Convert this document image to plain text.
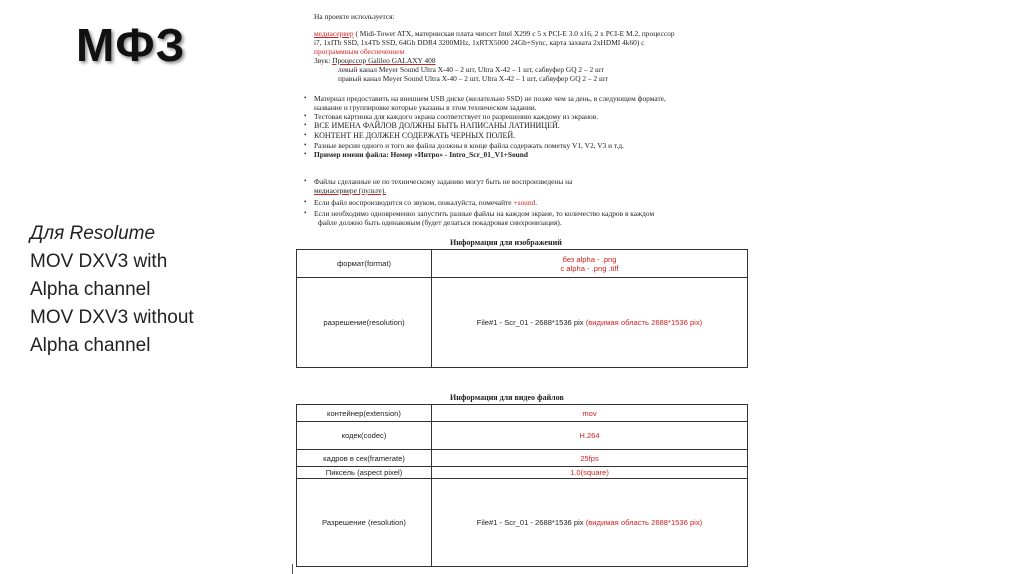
МФЗ
Для Resolume
MOV DXV3 with
Alpha channel
MOV DXV3 without
Alpha channel
На проекте используется:
медиасервер ( Midi-Tower ATX, материнская плата чипсет Intel X299 с 5 x PCI-E 3.0 x16, 2 x PCI-E M.2, процессор
i7, 1xITb SSD, 1x4Tb SSD, 64Gb DDR4 3200MHz, 1xRTX5000 24Gb+Sync, карта захвата 2xHDMI 4k60) с
программным обеспечением
Звук: Процессор Galileo GALAXY 408
левый канал Meyer Sound Ultra X-40 – 2 шт, Ultra X-42 – 1 шт, сабвуфер GQ 2 – 2 шт
правый канал Meyer Sound Ultra X-40 – 2 шт, Ultra X-42 – 1 шт, сабвуфер GQ 2 – 2 шт
• Материал предоставить на внешнем USB диске (желательно SSD) не позже чем за день, в следующем формате,
название и группировке которые указаны в этом техническом задании.
• Тестовая картинка для каждого экрана соответствует по разрешению каждому из экранов.
• ВСЕ ИМЕНА ФАЙЛОВ ДОЛЖНЫ БЫТЬ НАПИСАНЫ ЛАТИНИЦЕЙ.
• КОНТЕНТ НЕ ДОЛЖЕН СОДЕРЖАТЬ ЧЕРНЫХ ПОЛЕЙ.
• Разные версии одного и того же файла должны в конце файла содержать пометку V1, V2, V3 и т.д.
• Пример имени файла: Номер «Интро» - Intro_Scr_01_V1+Sound
• Файлы сделанные не по техническому заданию могут быть не воспроизведены на
медиасервере (пульте).
• Если файл воспроизводится со звуком, пожалуйста, помечайте +sound.
• Если необходимо одновременно запустить разные файлы на каждом экране, то количество кадров в каждом
файле должно быть одинаковым (будет делаться покадровая синхронизация).
Информация для изображений
формат(format)	без alpha - .png
с alpha - .png .tiff

разрешение(resolution)	File#1 - Scr_01 - 2688*1536 pix (видимая область 2688*1536 pix)
Информация для видео файлов
контейнер(extension)	mov
кодек(codec)	H.264
кадров в сек(framerate)	25fps
Пиксель (aspect pixel)	1.0(square)
Разрешение (resolution)	File#1 - Scr_01 - 2688*1536 pix (видимая область 2688*1536 pix)
